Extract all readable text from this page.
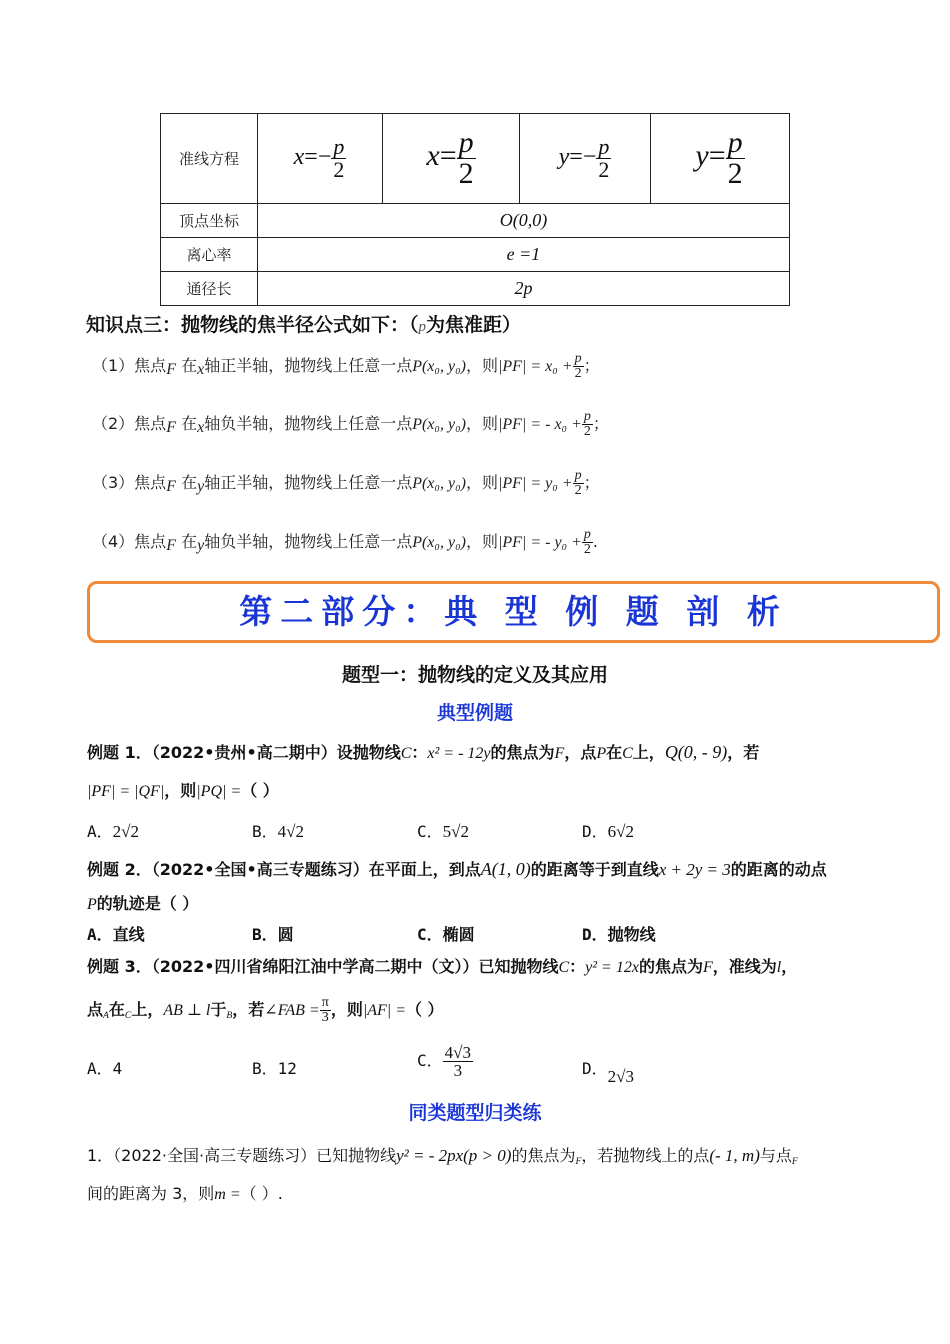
准线方程	$x=- \frac{p}{2}$	$x= \frac{p}{2}$	$y=- \frac{p}{2}$	$y= \frac{p}{2}$

顶点坐标	O(0,0)			
离心率	e =1			
通径长	2p			
知识点三：抛物线的焦半径公式如下：（p为焦准距）
（1）焦点$_F$ 在$_x$轴正半轴，抛物线上任意一点P(x₀, y₀)，则$|PF| = x_0 + \frac{p}{2}$ ；
（2）焦点$_F$ 在$_x$轴负半轴，抛物线上任意一点P(x₀, y₀)，则|PF| = - $x_0 + \frac{p}{2}$ ；
（3）焦点$_F$ 在$_y$轴正半轴，抛物线上任意一点P(x₀, y₀)，则$|PF| = y_0 + \frac{p}{2}$ ；
（4）焦点$_F$ 在$_y$轴负半轴，抛物线上任意一点P(x₀, y₀)，则|PF| = - $y_0 + \frac{p}{2}$ .
第二部分：典 型 例 题 剖 析
题型一：抛物线的定义及其应用
典型例题
例题 1．（2022•贵州•高二期中）设抛物线C：x² = - 12y的焦点为F，点P在C上，Q(0, - 9)，若
|PF| = |QF|，则|PQ| =（ ）
A．2√2	B．4√2	C．5√2	D．6√2
例题 2．（2022•全国•高三专题练习）在平面上，到点A(1, 0)的距离等于到直线x + 2y = 3的距离的动点
P的轨迹是（ ）
A．直线	B．圆	C．椭圆	D．抛物线
例题 3．（2022•四川省绵阳江油中学高二期中（文））已知抛物线C：y² = 12x的焦点为F，准线为l，
点$_A$在$_C$上，AB ⊥ l于$_B$，若∠FAB = $\frac{\pi}{3}$ ，则|AF| =（ ）
A．4	B．12	C． $\frac{4√3}{3}$	D．2√3
同类题型归类练
1．（2022·全国·高三专题练习）已知抛物线y² = - 2px(p > 0)的焦点为$_F$，若抛物线上的点(- 1, m)与点$_F$
间的距离为 3，则m =（ ）.
